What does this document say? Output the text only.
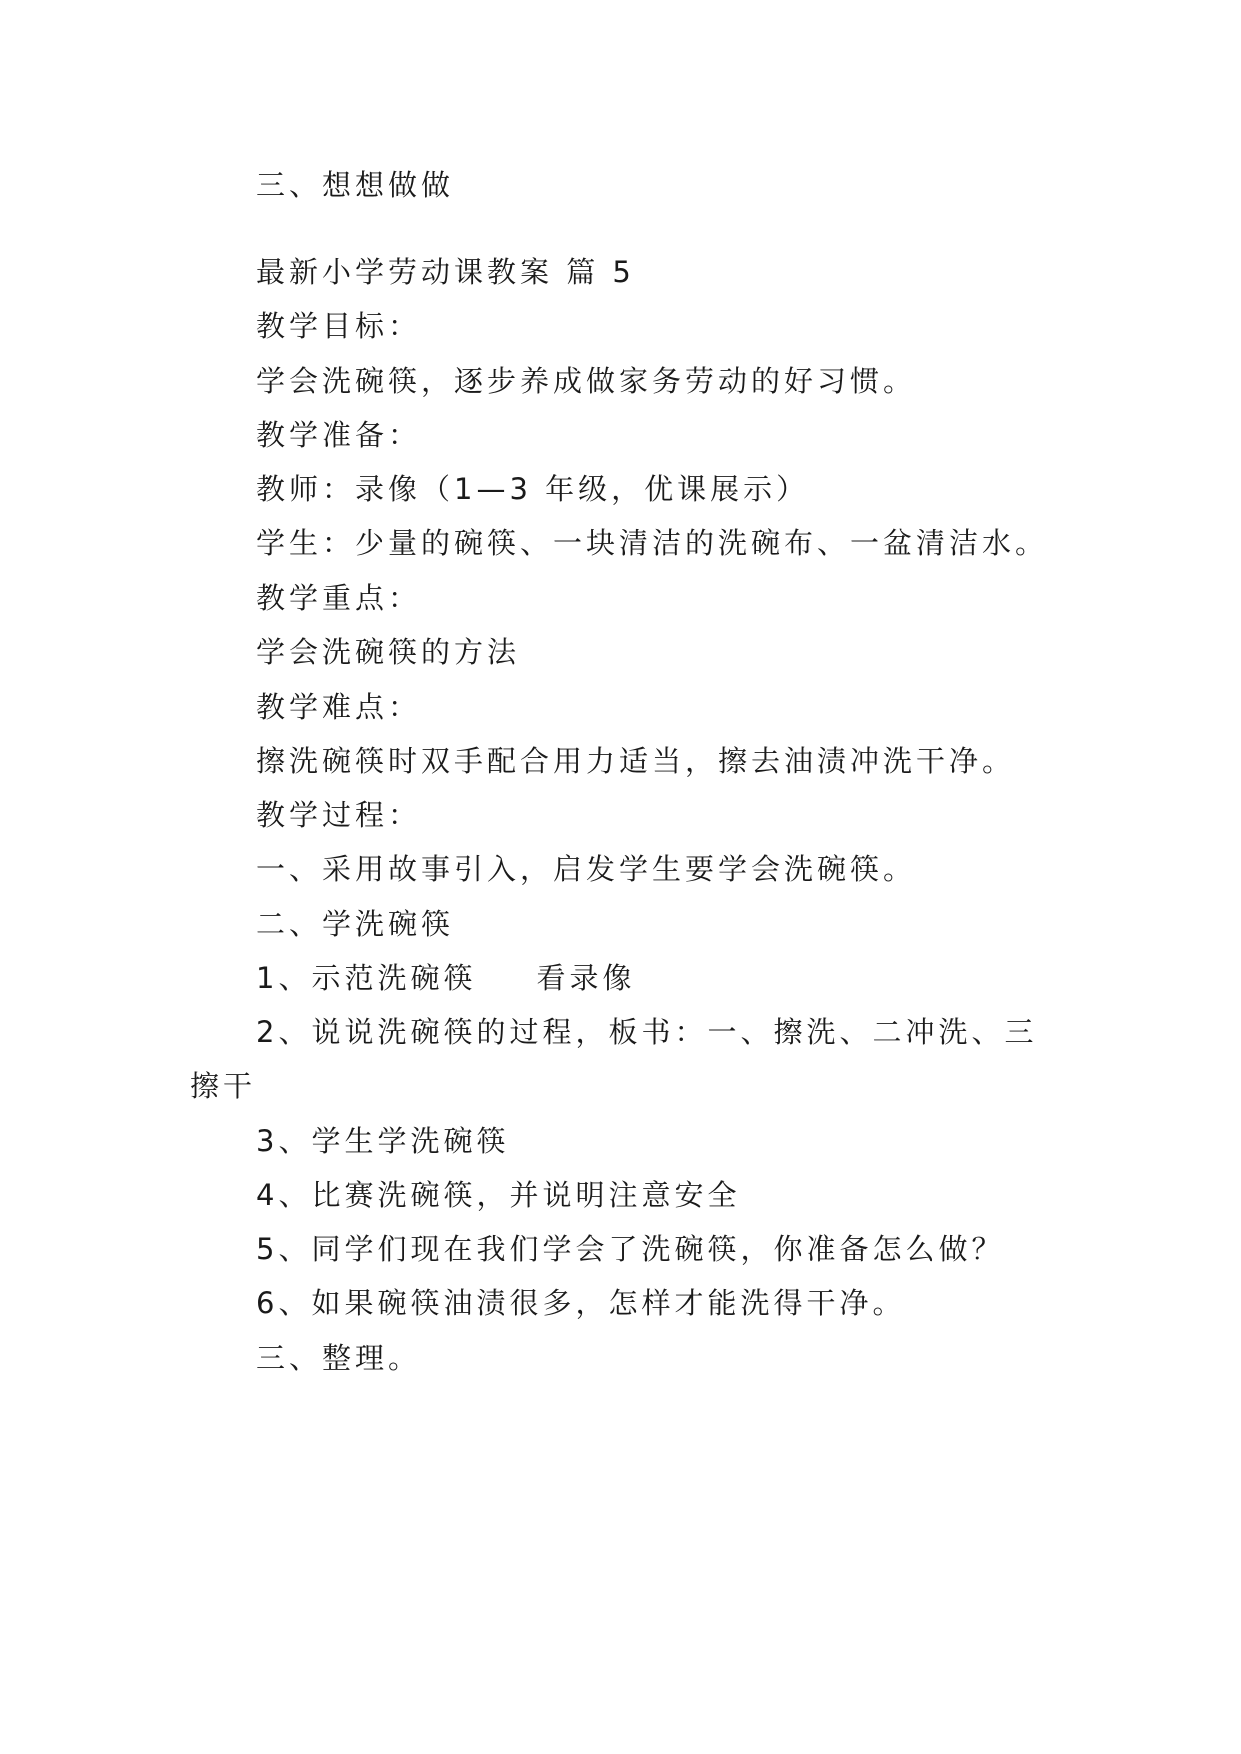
三、想想做做
最新小学劳动课教案 篇 5
教学目标：
学会洗碗筷，逐步养成做家务劳动的好习惯。
教学准备：
教师：录像（1—3 年级，优课展示）
学生：少量的碗筷、一块清洁的洗碗布、一盆清洁水。
教学重点：
学会洗碗筷的方法
教学难点：
擦洗碗筷时双手配合用力适当，擦去油渍冲洗干净。
教学过程：
一、采用故事引入，启发学生要学会洗碗筷。
二、学洗碗筷
1、示范洗碗筷 看录像
2、说说洗碗筷的过程，板书：一、擦洗、二冲洗、三
擦干
3、学生学洗碗筷
4、比赛洗碗筷，并说明注意安全
5、同学们现在我们学会了洗碗筷，你准备怎么做？
6、如果碗筷油渍很多，怎样才能洗得干净。
三、整理。
